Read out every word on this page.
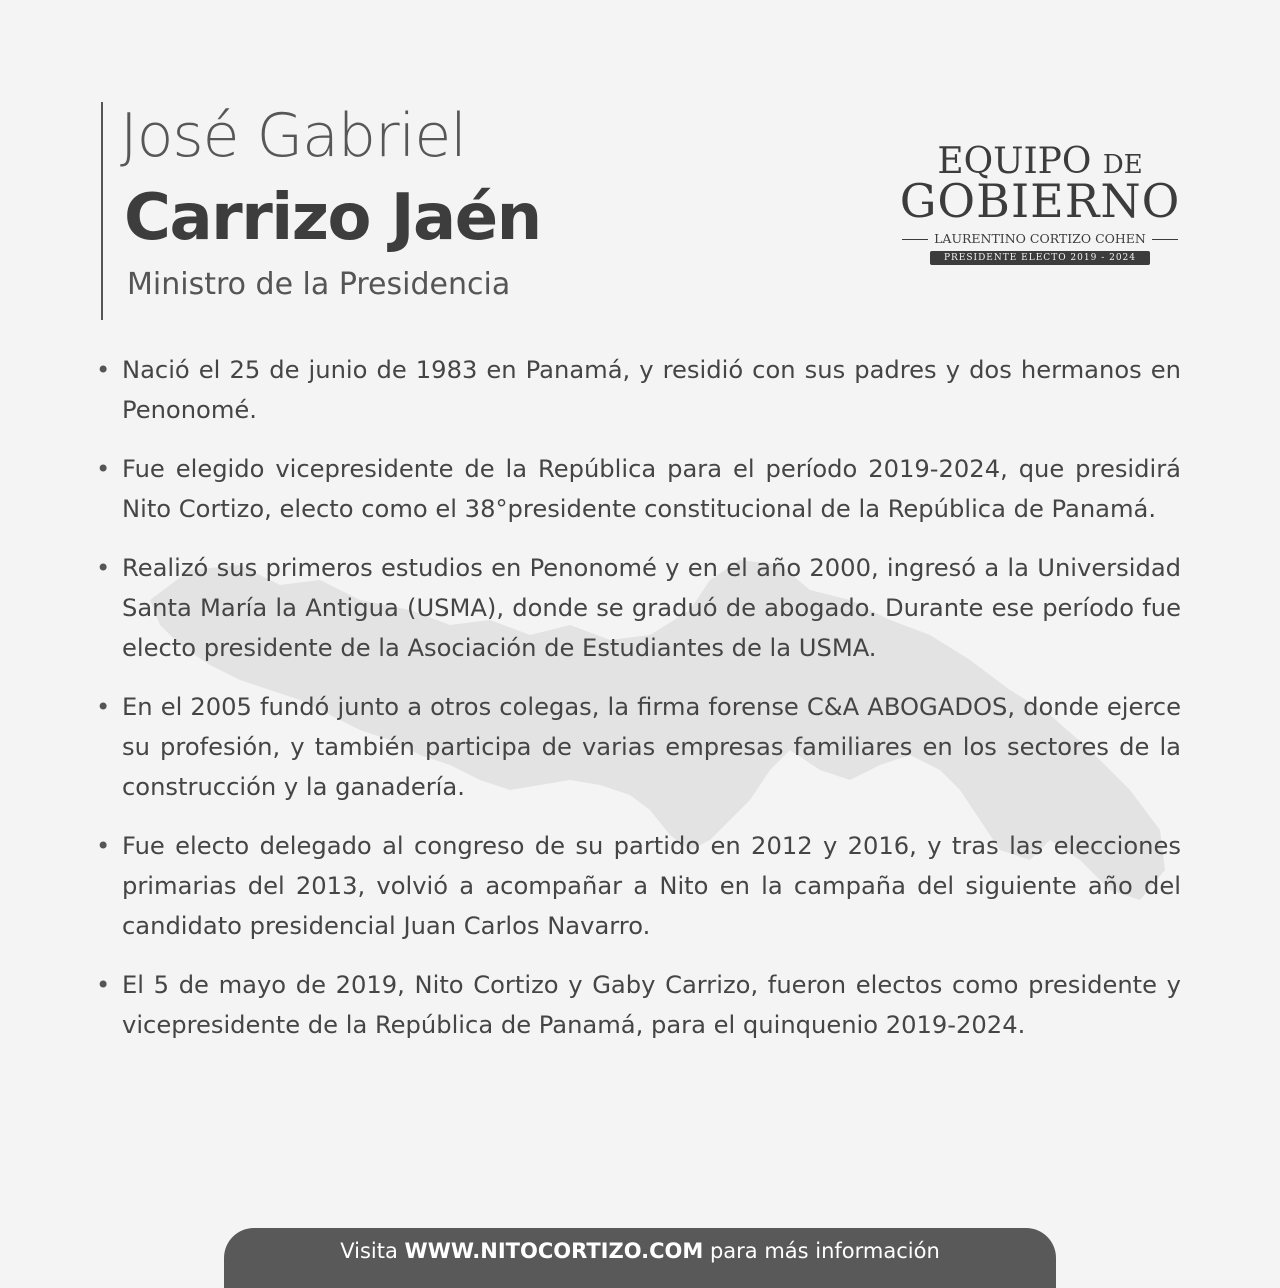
José Gabriel
Carrizo Jaén
Ministro de la Presidencia
EQUIPO DE
GOBIERNO
LAURENTINO CORTIZO COHEN
PRESIDENTE ELECTO 2019 - 2024
• Nació el 25 de junio de 1983 en Panamá, y residió con sus padres y dos hermanos en Penonomé.
• Fue elegido vicepresidente de la República para el período 2019-2024, que presidirá Nito Cortizo, electo como el 38°presidente constitucional de la República de Panamá.
• Realizó sus primeros estudios en Penonomé y en el año 2000, ingresó a la Universidad Santa María la Antigua (USMA), donde se graduó de abogado. Durante ese período fue electo presidente de la Asociación de Estudiantes de la USMA.
• En el 2005 fundó junto a otros colegas, la firma forense C&A ABOGADOS, donde ejerce su profesión, y también participa de varias empresas familiares en los sectores de la construcción y la ganadería.
• Fue electo delegado al congreso de su partido en 2012 y 2016, y tras las elecciones primarias del 2013, volvió a acompañar a Nito en la campaña del siguiente año del candidato presidencial Juan Carlos Navarro.
• El 5 de mayo de 2019, Nito Cortizo y Gaby Carrizo, fueron electos como presidente y vicepresidente de la República de Panamá, para el quinquenio 2019-2024.
Visita WWW.NITOCORTIZO.COM para más información
